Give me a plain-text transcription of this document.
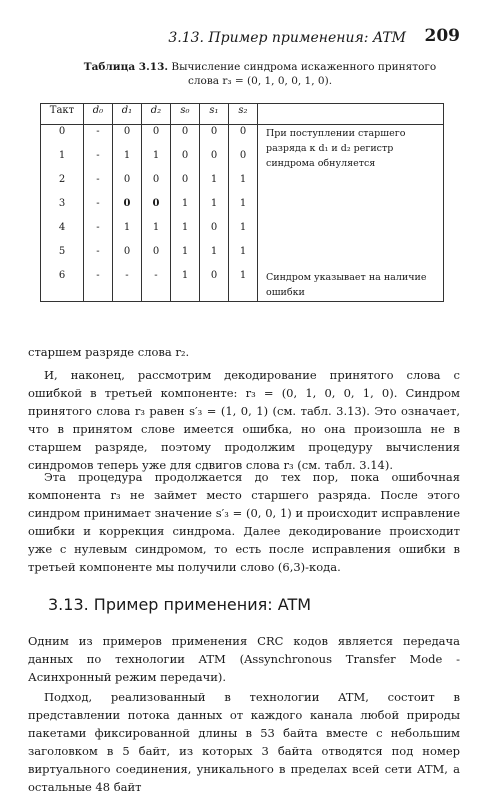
3.13. Пример применения: ATM	209
Таблица 3.13. Вычисление синдрома искаженного принятого слова r₃ = (0, 1, 0, 0, 1, 0).
Такт	d₀	d₁	d₂	s₀	s₁	s₂	
0	-	0	0	0	0	0	При поступлении старшего разряда к d₁ и d₂ регистр синдрома обнуляется
1	-	1	1	0	0	0	
2	-	0	0	0	1	1	
3	-	0	0	1	1	1	
4	-	1	1	1	0	1	
5	-	0	0	1	1	1	
6	-	-	-	1	0	1	Синдром указывает на наличие ошибки
старшем разряде слова r₂.
И, наконец, рассмотрим декодирование принятого слова с ошибкой в третьей компоненте: r₃ = (0, 1, 0, 0, 1, 0). Синдром принятого слова r₃ равен s′₃ = (1, 0, 1) (см. табл. 3.13). Это означает, что в принятом слове имеется ошибка, но она произошла не в старшем разряде, поэтому продолжим процедуру вычисления синдромов теперь уже для сдвигов слова r₃ (см. табл. 3.14).
Эта процедура продолжается до тех пор, пока ошибочная компонента r₃ не займет место старшего разряда. После этого синдром принимает значение s′₃ = (0, 0, 1) и происходит исправление ошибки и коррекция синдрома. Далее декодирование происходит уже с нулевым синдромом, то есть после исправления ошибки в третьей компоненте мы получили слово (6,3)-кода.
3.13. Пример применения: ATM
Одним из примеров применения CRC кодов является передача данных по технологии ATM (Assynchronous Transfer Mode - Асинхронный режим передачи).
Подход, реализованный в технологии ATM, состоит в представлении потока данных от каждого канала любой природы пакетами фиксированной длины в 53 байта вместе с небольшим заголовком в 5 байт, из которых 3 байта отводятся под номер виртуального соединения, уникального в пределах всей сети ATM, а остальные 48 байт
